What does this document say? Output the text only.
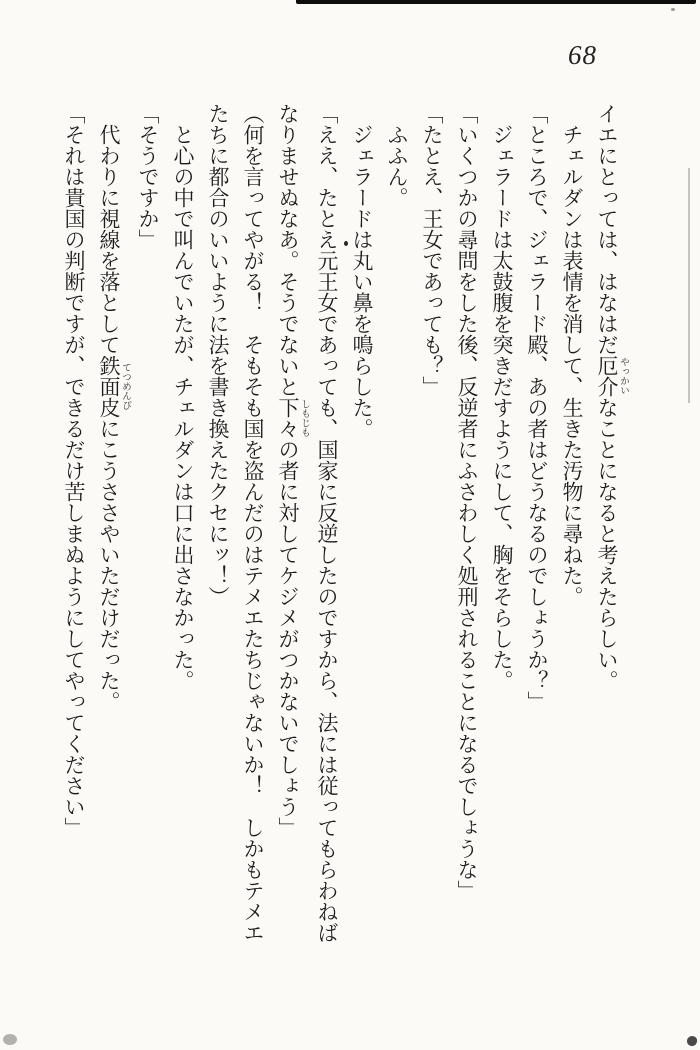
68
イエにとっては、はなはだ厄介 やっかいなことになると考えたらしい。
チェルダンは表情を消して、生きた汚物に尋ねた。
「ところで、ジェラード殿、あの者はどうなるのでしょうか？」
ジェラードは太鼓腹を突きだすようにして、胸をそらした。
「いくつかの尋問をした後、反逆者にふさわしく処刑されることになるでしょうな」
「たとえ、王女であっても？」
ふふん。
ジェラードは丸い鼻を鳴らした。
「ええ、たとえ元王女であっても、国家に反逆したのですから、法には従ってもらわねば
なりませぬなあ。そうでないと下々 しもじもの者に対してケジメがつかないでしょう」
（何を言ってやがる！　そもそも国を盗んだのはテメエたちじゃないか！　しかもテメエ
たちに都合のいいように法を書き換えたクセにッ！）
と心の中で叫んでいたが、チェルダンは口に出さなかった。
「そうですか」
代わりに視線を落として鉄面皮 てつめんぴにこうささやいただけだった。
「それは貴国の判断ですが、できるだけ苦しまぬようにしてやってください」
